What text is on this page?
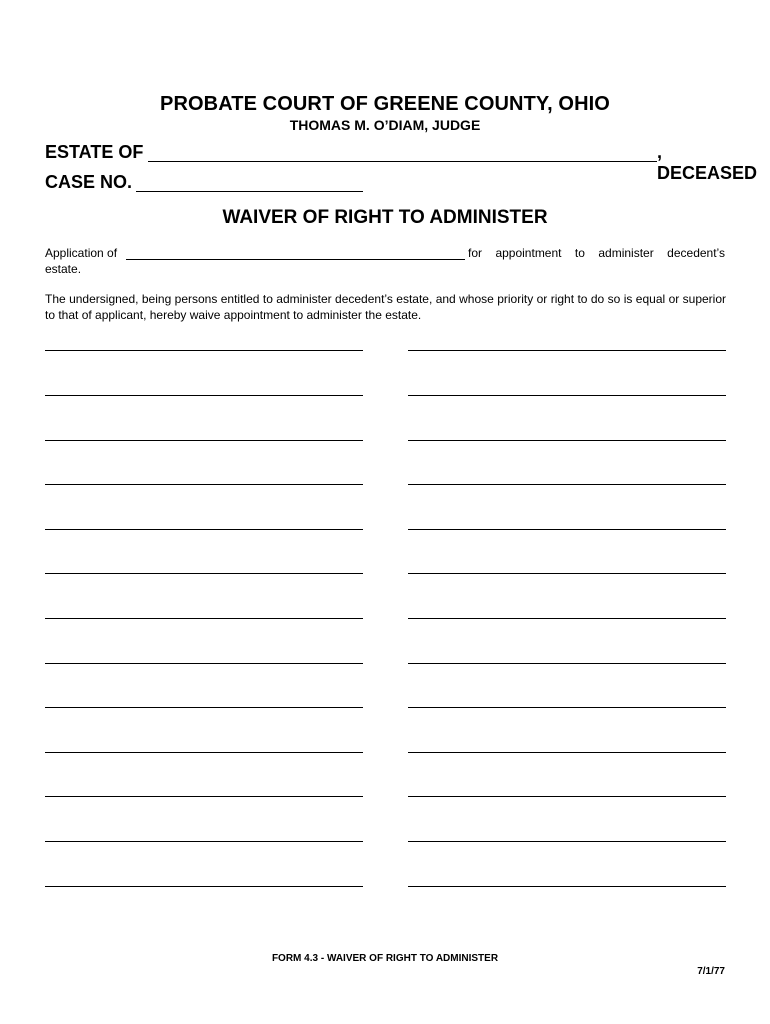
PROBATE COURT OF GREENE COUNTY, OHIO
THOMAS M. O’DIAM, JUDGE
ESTATE OF	, DECEASED
CASE NO.
WAIVER OF RIGHT TO ADMINISTER
Application of	for appointment to administer decedent’s
estate.
The undersigned, being persons entitled to administer decedent’s estate, and whose priority or right to do so is equal or superior to that of applicant, hereby waive appointment to administer the estate.
FORM 4.3 - WAIVER OF RIGHT TO ADMINISTER
7/1/77
